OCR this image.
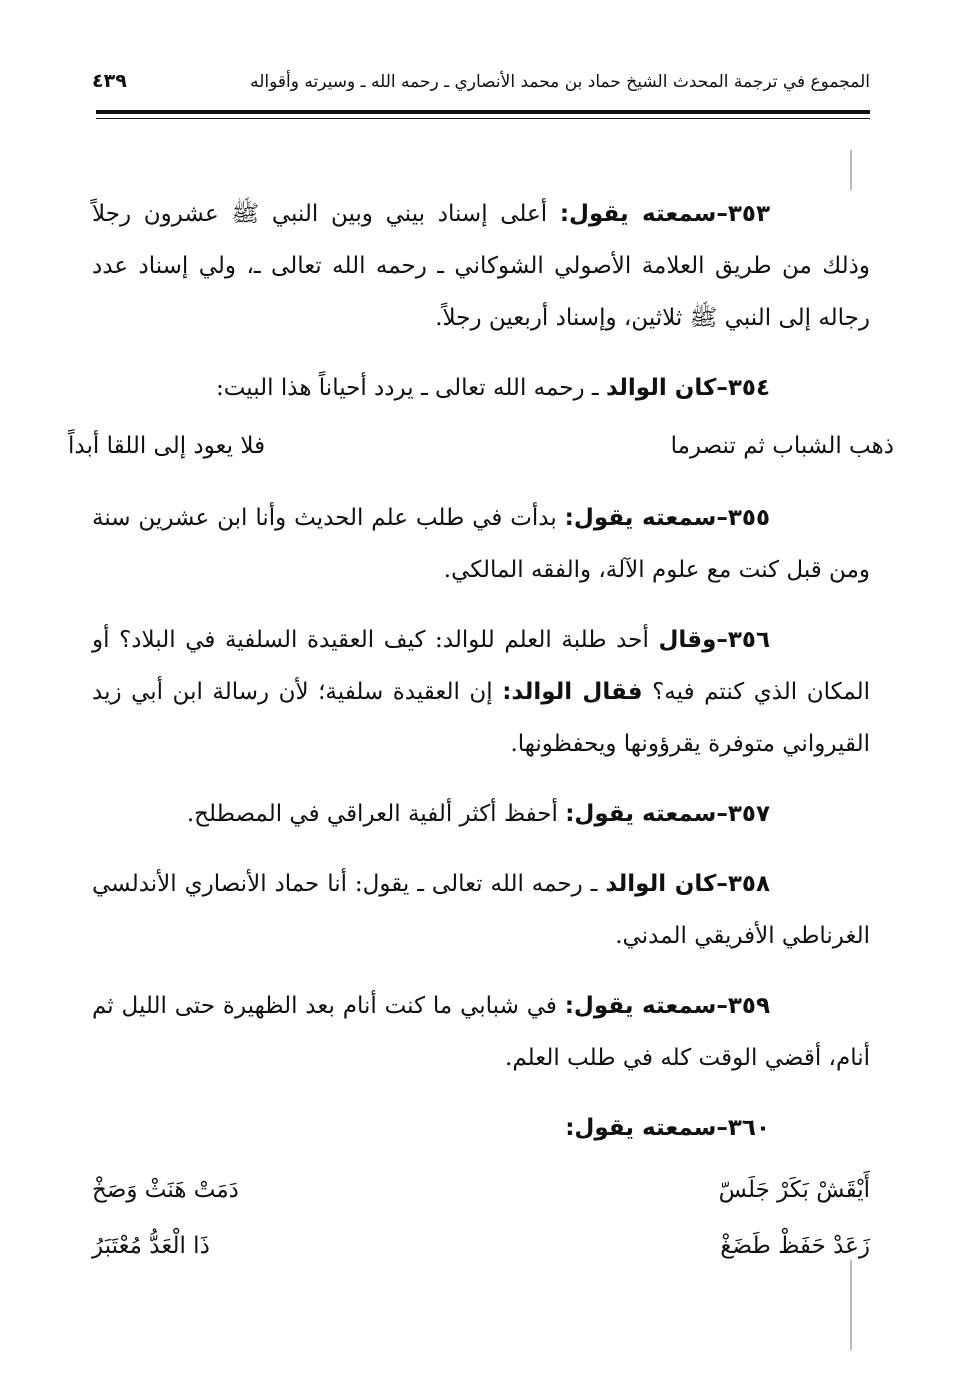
المجموع في ترجمة المحدث الشيخ حماد بن محمد الأنصاري ـ رحمه الله ـ وسيرته وأقواله
٤٣٩

٣٥٣–سمعته يقول: أعلى إسناد بيني وبين النبي ﷺ عشرون رجلاً وذلك من طريق العلامة الأصولي الشوكاني ـ رحمه الله تعالى ـ، ولي إسناد عدد رجاله إلى النبي ﷺ ثلاثين، وإسناد أربعين رجلاً.

٣٥٤–كان الوالد ـ رحمه الله تعالى ـ يردد أحياناً هذا البيت:

ذهب الشباب ثم تنصرما
فلا يعود إلى اللقا أبداً

٣٥٥–سمعته يقول: بدأت في طلب علم الحديث وأنا ابن عشرين سنة ومن قبل كنت مع علوم الآلة، والفقه المالكي.

٣٥٦–وقال أحد طلبة العلم للوالد: كيف العقيدة السلفية في البلاد؟ أو المكان الذي كنتم فيه؟ فقال الوالد: إن العقيدة سلفية؛ لأن رسالة ابن أبي زيد القيرواني متوفرة يقرؤونها ويحفظونها.

٣٥٧–سمعته يقول: أحفظ أكثر ألفية العراقي في المصطلح.

٣٥٨–كان الوالد ـ رحمه الله تعالى ـ يقول: أنا حماد الأنصاري الأندلسي الغرناطي الأفريقي المدني.

٣٥٩–سمعته يقول: في شبابي ما كنت أنام بعد الظهيرة حتى الليل ثم أنام، أقضي الوقت كله في طلب العلم.

٣٦٠–سمعته يقول:

أَيْقَشْ بَكَرْ جَلَسّ
دَمَتْ هَنَثْ وَصَخْ
زَعَدْ حَفَظْ طَضَغْ
ذَا الْعَدُّ مُعْتَبَرُ
